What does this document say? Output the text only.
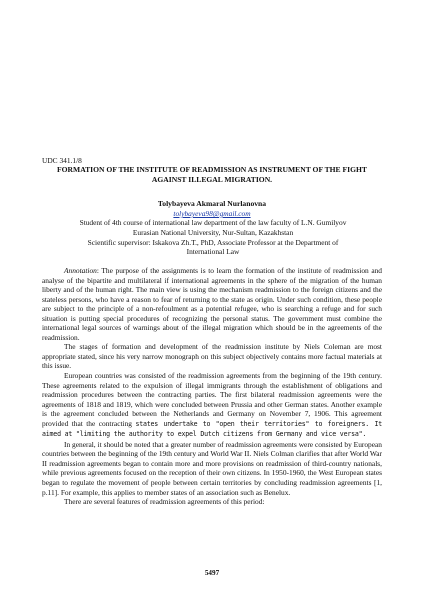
UDC 341.1/8
FORMATION OF THE INSTITUTE OF READMISSION AS INSTRUMENT OF THE FIGHT AGAINST ILLEGAL MIGRATION.
Tolybayeva Akmaral Nurlanovna
tolybayeva98@gmail.com
Student of 4th course of international law department of the law faculty of L.N. Gumilyov
Eurasian National University, Nur-Sultan, Kazakhstan
Scientific supervisor: Iskakova Zh.T., PhD, Associate Professor at the Department of
International Law

Annotation: The purpose of the assignments is to learn the formation of the institute of readmission and analyse of the bipartite and multilateral if international agreements in the sphere of the migration of the human liberty and of the human right. The main view is using the mechanism readmission to the foreign citizens and the stateless persons, who have a reason to fear of returning to the state as origin. Under such condition, these people are subject to the principle of a non-refoulment as a potential refugee, who is searching a refuge and for such situation is putting special procedures of recognizing the personal status. The government must combine the international legal sources of warnings about of the illegal migration which should be in the agreements of the readmission.

The stages of formation and development of the readmission institute by Niels Coleman are most appropriate stated, since his very narrow monograph on this subject objectively contains more factual materials at this issue.

European countries was consisted of the readmission agreements from the beginning of the 19th century. These agreements related to the expulsion of illegal immigrants through the establishment of obligations and readmission procedures between the contracting parties. The first bilateral readmission agreements were the agreements of 1818 and 1819, which were concluded between Prussia and other German states. Another example is the agreement concluded between the Netherlands and Germany on November 7, 1906. This agreement provided that the contracting states undertake to "open their territories" to foreigners. It aimed at "limiting the authority to expel Dutch citizens from Germany and vice versa".

In general, it should be noted that a greater number of readmission agreements were consisted by European countries between the beginning of the 19th century and World War II. Niels Colman clarifies that after World War II readmission agreements began to contain more and more provisions on readmission of third-country nationals, while previous agreements focused on the reception of their own citizens. In 1950-1960, the West European states began to regulate the movement of people between certain territories by concluding readmission agreements [1, p.11]. For example, this applies to member states of an association such as Benelux.

There are several features of readmission agreements of this period:

5497
